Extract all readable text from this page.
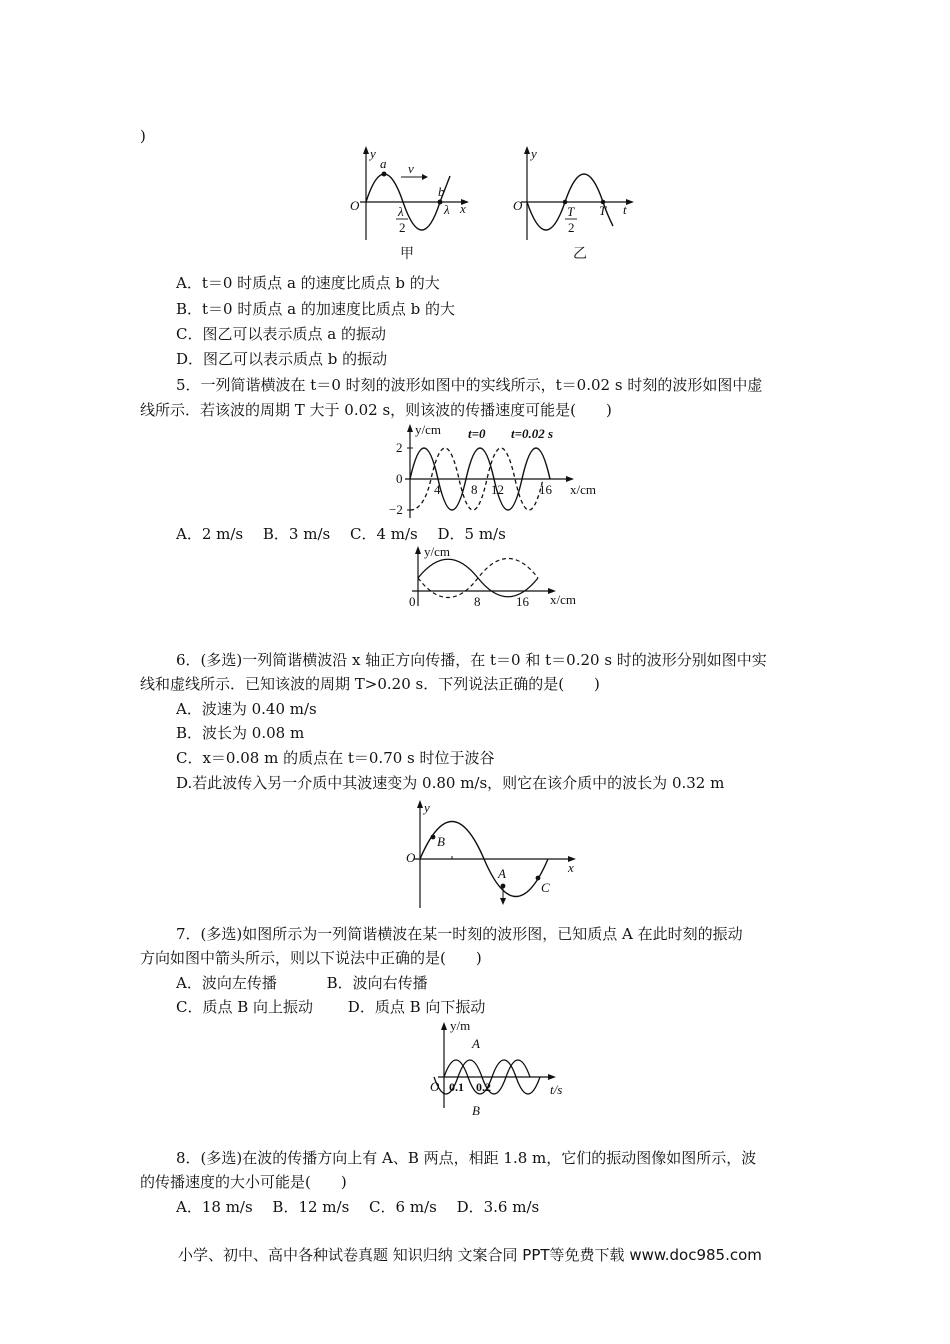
)
A．t＝0 时质点 a 的速度比质点 b 的大
B．t＝0 时质点 a 的加速度比质点 b 的大
C．图乙可以表示质点 a 的振动
D．图乙可以表示质点 b 的振动
5．一列简谐横波在 t＝0 时刻的波形如图中的实线所示，t＝0.02 s 时刻的波形如图中虚
线所示．若该波的周期 T 大于 0.02 s，则该波的传播速度可能是(　　)
A．2 m/s　 B．3 m/s　 C．4 m/s　 D．5 m/s
6．(多选)一列简谐横波沿 x 轴正方向传播，在 t＝0 和 t＝0.20 s 时的波形分别如图中实
线和虚线所示．已知该波的周期 T>0.20 s．下列说法正确的是(　　)
A．波速为 0.40 m/s
B．波长为 0.08 m
C．x＝0.08 m 的质点在 t＝0.70 s 时位于波谷
D.若此波传入另一介质中其波速变为 0.80 m/s，则它在该介质中的波长为 0.32 m
7．(多选)如图所示为一列简谐横波在某一时刻的波形图，已知质点 A 在此时刻的振动
方向如图中箭头所示，则以下说法中正确的是(　　)
A．波向左传播　　　 B．波向右传播
C．质点 B 向上振动　　 D．质点 B 向下振动
8．(多选)在波的传播方向上有 A、B 两点，相距 1.8 m，它们的振动图像如图所示，波
的传播速度的大小可能是(　　)
A．18 m/s　 B．12 m/s　 C．6 m/s　 D．3.6 m/s
小学、初中、高中各种试卷真题 知识归纳 文案合同 PPT等免费下载 www.doc985.com
y
a v
b
O	λ
2
λ x
甲
y
O	T
2
T t
乙
y/cm t=0 t=0.02 s
2
0
−2
4 8 12	16 x/cm
y/cm
0	8	16 x/cm
y
B
O
A
C
x
y/m
A
O 0.1 0.2	t/s
B
